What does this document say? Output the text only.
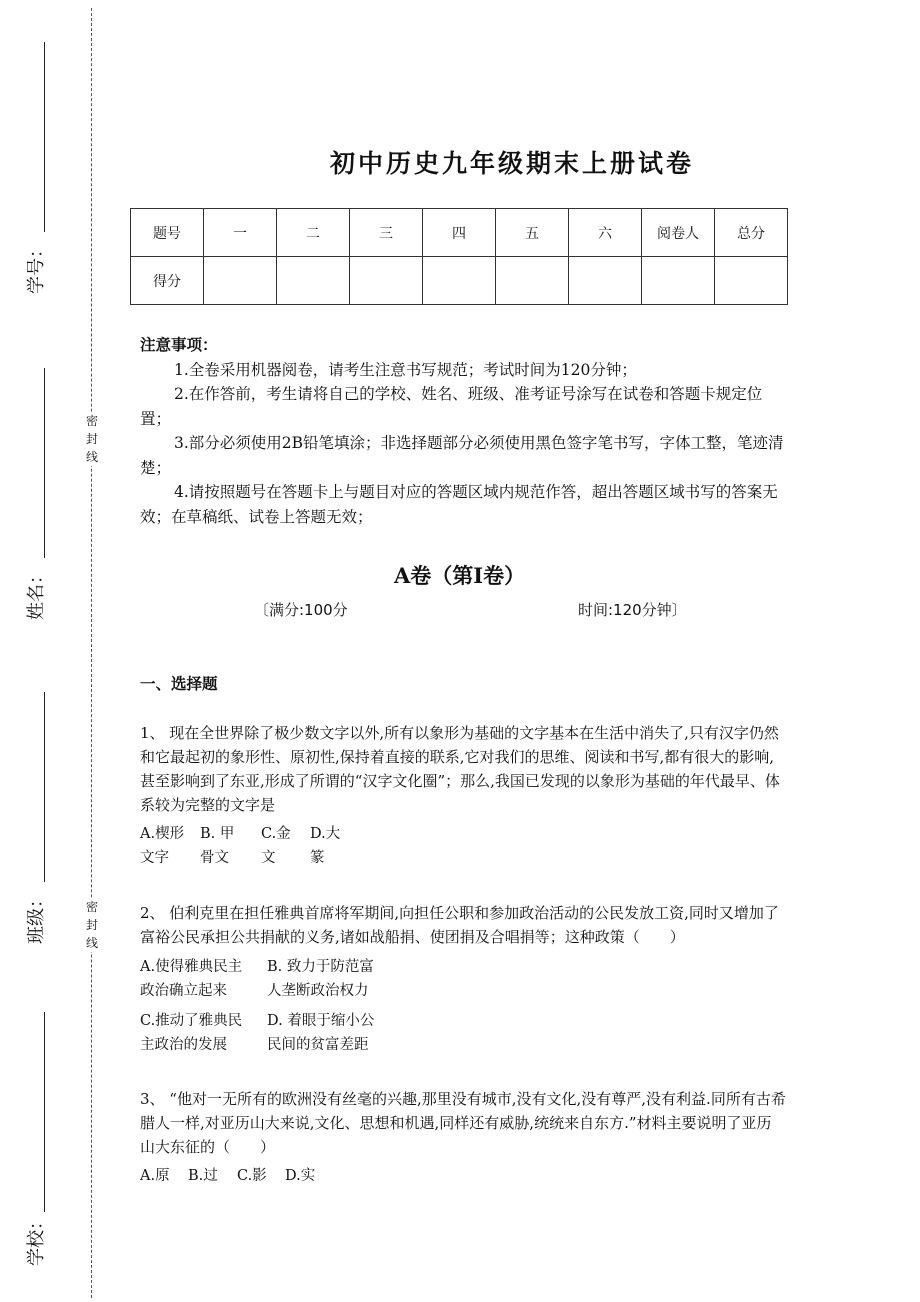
学号：
姓名：
班级：
学校：
密封线
密封线
初中历史九年级期末上册试卷
题号	一	二	三	四	五	六	阅卷人	总分
得分								
注意事项：
1.全卷采用机器阅卷，请考生注意书写规范；考试时间为120分钟；
2.在作答前，考生请将自己的学校、姓名、班级、准考证号涂写在试卷和答题卡规定位置；
3.部分必须使用2B铅笔填涂；非选择题部分必须使用黑色签字笔书写，字体工整，笔迹清楚；
4.请按照题号在答题卡上与题目对应的答题区域内规范作答，超出答题区域书写的答案无效；在草稿纸、试卷上答题无效；
A卷（第I卷）
〔满分:100分	时间:120分钟〕
一、选择题
1、 现在全世界除了极少数文字以外,所有以象形为基础的文字基本在生活中消失了,只有汉字仍然和它最起初的象形性、原初性,保持着直接的联系,它对我们的思维、阅读和书写,都有很大的影响,甚至影响到了东亚,形成了所谓的“汉字文化圈”；那么,我国已发现的以象形为基础的年代最早、体系较为完整的文字是
A.楔形
文字
B. 甲
骨文
C.金
文
D.大
篆
2、 伯利克里在担任雅典首席将军期间,向担任公职和参加政治活动的公民发放工资,同时又增加了富裕公民承担公共捐献的义务,诸如战船捐、使团捐及合唱捐等；这种政策（　　）
A.使得雅典民主
政治确立起来
B. 致力于防范富
人垄断政治权力
C.推动了雅典民
主政治的发展
D. 着眼于缩小公
民间的贫富差距
3、 “他对一无所有的欧洲没有丝毫的兴趣,那里没有城市,没有文化,没有尊严,没有利益.同所有古希腊人一样,对亚历山大来说,文化、思想和机遇,同样还有威胁,统统来自东方.”材料主要说明了亚历山大东征的（　　）
A.原 B.过 C.影 D.实
